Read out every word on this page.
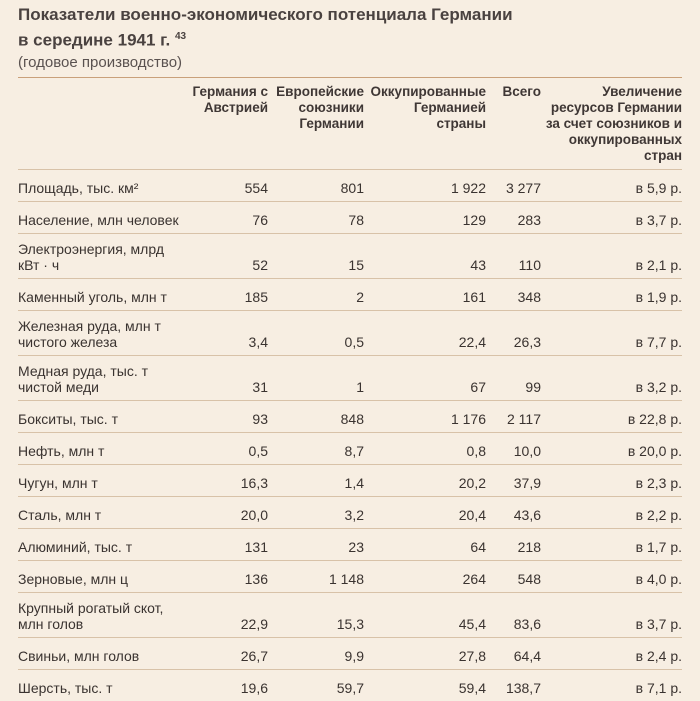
Показатели военно-экономического потенциала Германии
в середине 1941 г. $^{43}$
(годовое производство)
	Германия с Австрией	Европейские союзники Германии	Оккупированные Германией страны	Всего	Увеличение ресурсов Германии за счет союзников и оккупированных стран
Площадь, тыс. км²	554	801	1 922	3 277	в 5,9 р.
Население, млн человек	76	78	129	283	в 3,7 р.
Электроэнергия, млрд кВт · ч	52	15	43	110	в 2,1 р.
Каменный уголь, млн т	185	2	161	348	в 1,9 р.
Железная руда, млн т чистого железа	3,4	0,5	22,4	26,3	в 7,7 р.
Медная руда, тыс. т чистой меди	31	1	67	99	в 3,2 р.
Бокситы, тыс. т	93	848	1 176	2 117	в 22,8 р.
Нефть, млн т	0,5	8,7	0,8	10,0	в 20,0 р.
Чугун, млн т	16,3	1,4	20,2	37,9	в 2,3 р.
Сталь, млн т	20,0	3,2	20,4	43,6	в 2,2 р.
Алюминий, тыс. т	131	23	64	218	в 1,7 р.
Зерновые, млн ц	136	1 148	264	548	в 4,0 р.
Крупный рогатый скот, млн голов	22,9	15,3	45,4	83,6	в 3,7 р.
Свиньи, млн голов	26,7	9,9	27,8	64,4	в 2,4 р.
Шерсть, тыс. т	19,6	59,7	59,4	138,7	в 7,1 р.
